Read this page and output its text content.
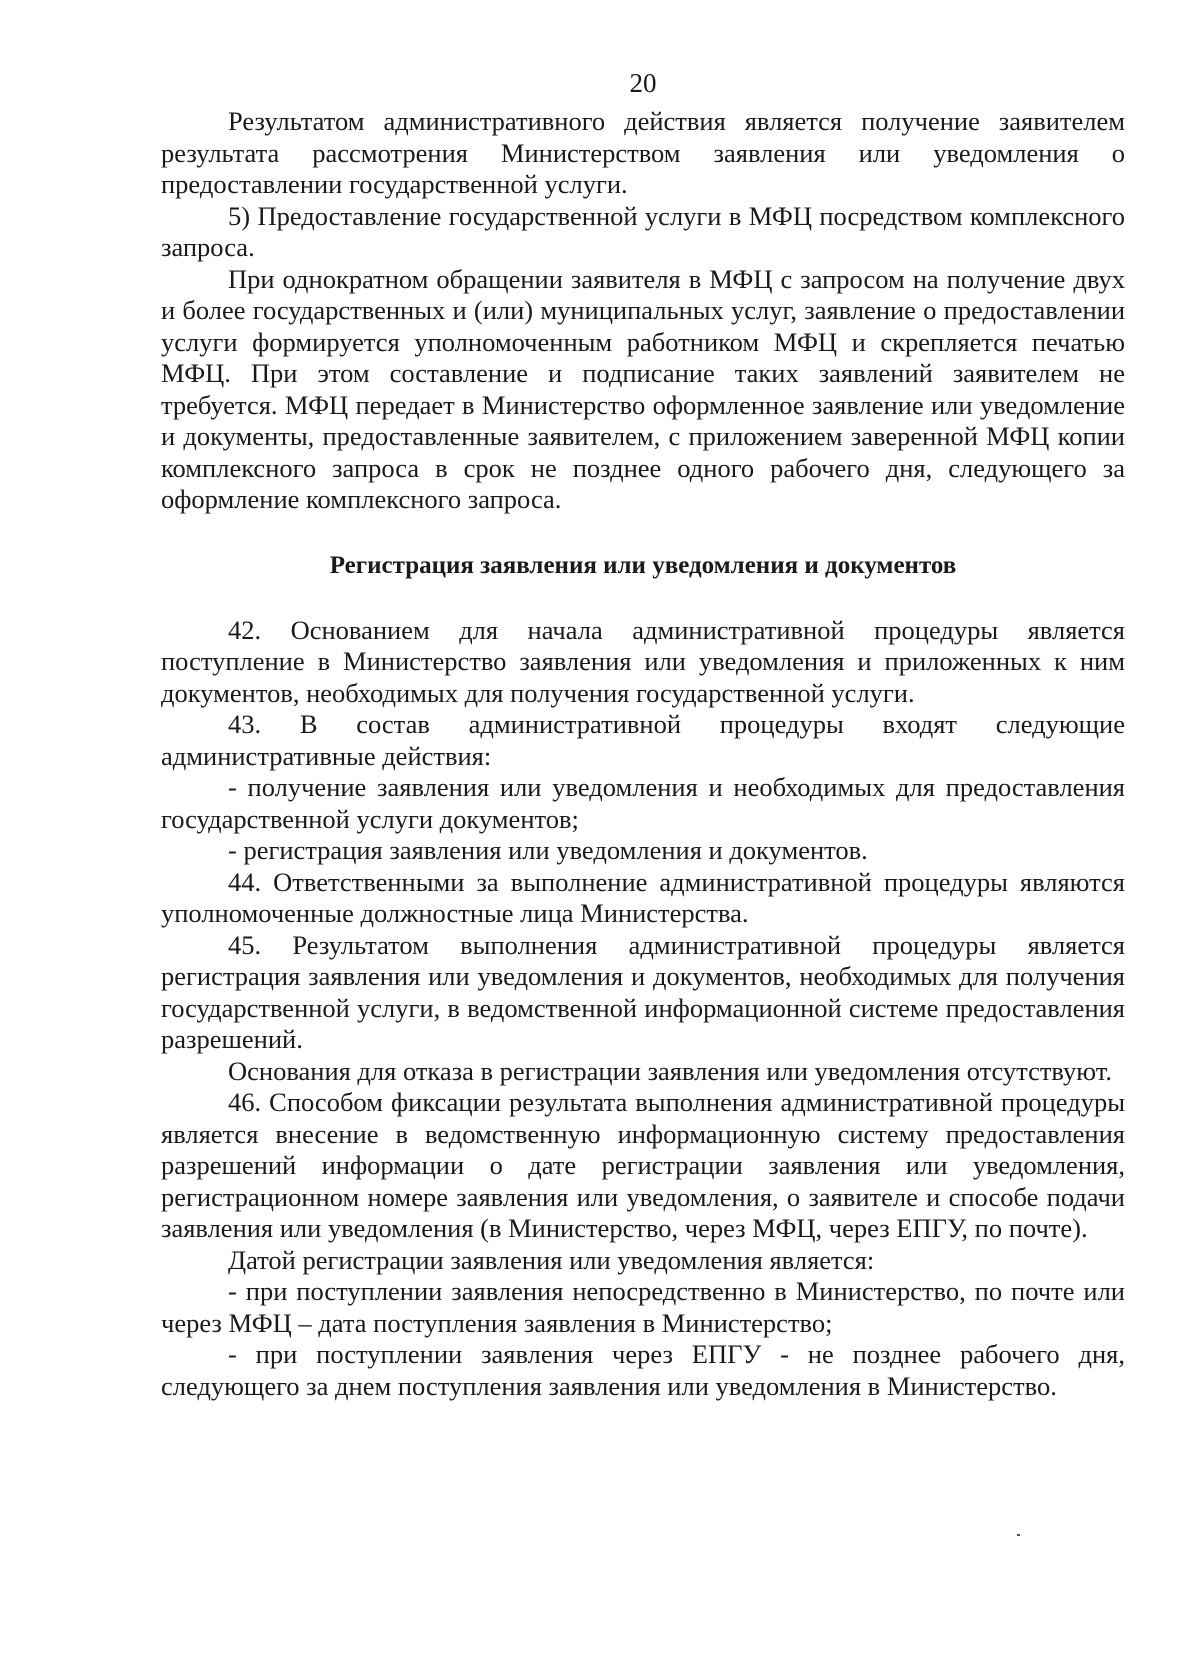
20

Результатом административного действия является получение заявителем результата рассмотрения Министерством заявления или уведомления о предоставлении государственной услуги.

5) Предоставление государственной услуги в МФЦ посредством комплексного запроса.

При однократном обращении заявителя в МФЦ с запросом на получение двух и более государственных и (или) муниципальных услуг, заявление о предоставлении услуги формируется уполномоченным работником МФЦ и скрепляется печатью МФЦ. При этом составление и подписание таких заявлений заявителем не требуется. МФЦ передает в Министерство оформленное заявление или уведомление и документы, предоставленные заявителем, с приложением заверенной МФЦ копии комплексного запроса в срок не позднее одного рабочего дня, следующего за оформление комплексного запроса.

Регистрация заявления или уведомления и документов

42. Основанием для начала административной процедуры является поступление в Министерство заявления или уведомления и приложенных к ним документов, необходимых для получения государственной услуги.

43. В состав административной процедуры входят следующие административные действия:

- получение заявления или уведомления и необходимых для предоставления государственной услуги документов;

- регистрация заявления или уведомления и документов.

44. Ответственными за выполнение административной процедуры являются уполномоченные должностные лица Министерства.

45. Результатом выполнения административной процедуры является регистрация заявления или уведомления и документов, необходимых для получения государственной услуги, в ведомственной информационной системе предоставления разрешений.

Основания для отказа в регистрации заявления или уведомления отсутствуют.

46. Способом фиксации результата выполнения административной процедуры является внесение в ведомственную информационную систему предоставления разрешений информации о дате регистрации заявления или уведомления, регистрационном номере заявления или уведомления, о заявителе и способе подачи заявления или уведомления (в Министерство, через МФЦ, через ЕПГУ, по почте).

Датой регистрации заявления или уведомления является:

- при поступлении заявления непосредственно в Министерство, по почте или через МФЦ – дата поступления заявления в Министерство;

- при поступлении заявления через ЕПГУ - не позднее рабочего дня, следующего за днем поступления заявления или уведомления в Министерство.
